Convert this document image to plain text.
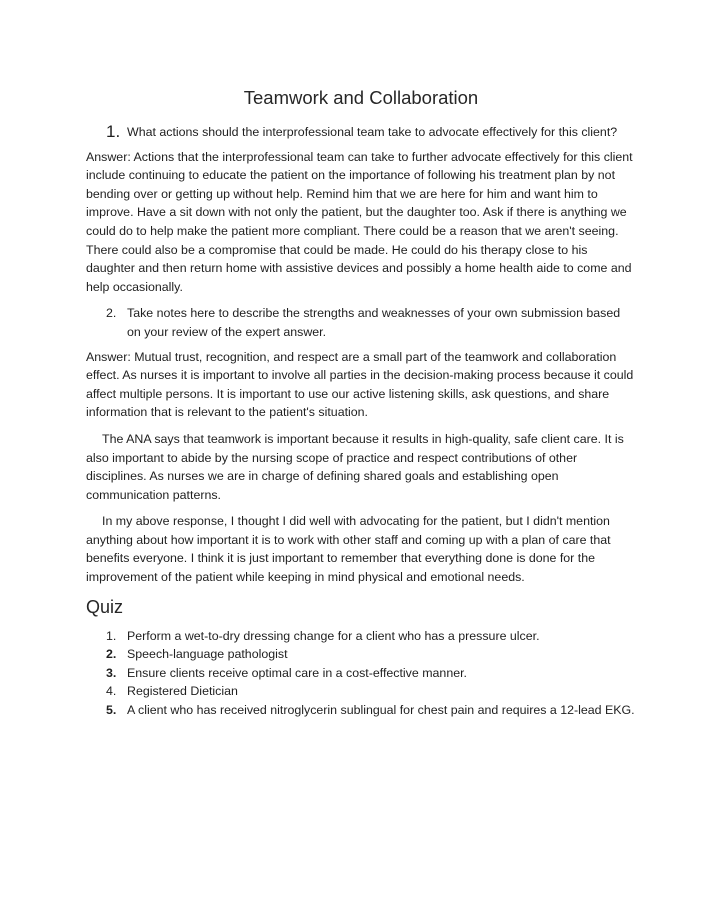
Teamwork and Collaboration
1. What actions should the interprofessional team take to advocate effectively for this client?

Answer: Actions that the interprofessional team can take to further advocate effectively for this client include continuing to educate the patient on the importance of following his treatment plan by not bending over or getting up without help. Remind him that we are here for him and want him to improve. Have a sit down with not only the patient, but the daughter too. Ask if there is anything we could do to help make the patient more compliant. There could be a reason that we aren't seeing. There could also be a compromise that could be made. He could do his therapy close to his daughter and then return home with assistive devices and possibly a home health aide to come and help occasionally.

2. Take notes here to describe the strengths and weaknesses of your own submission based on your review of the expert answer.

Answer: Mutual trust, recognition, and respect are a small part of the teamwork and collaboration effect. As nurses it is important to involve all parties in the decision-making process because it could affect multiple persons. It is important to use our active listening skills, ask questions, and share information that is relevant to the patient's situation.

The ANA says that teamwork is important because it results in high-quality, safe client care. It is also important to abide by the nursing scope of practice and respect contributions of other disciplines. As nurses we are in charge of defining shared goals and establishing open communication patterns.

In my above response, I thought I did well with advocating for the patient, but I didn't mention anything about how important it is to work with other staff and coming up with a plan of care that benefits everyone. I think it is just important to remember that everything done is done for the improvement of the patient while keeping in mind physical and emotional needs.

Quiz
1. Perform a wet-to-dry dressing change for a client who has a pressure ulcer.
2. Speech-language pathologist
3. Ensure clients receive optimal care in a cost-effective manner.
4. Registered Dietician
5. A client who has received nitroglycerin sublingual for chest pain and requires a 12-lead EKG.
